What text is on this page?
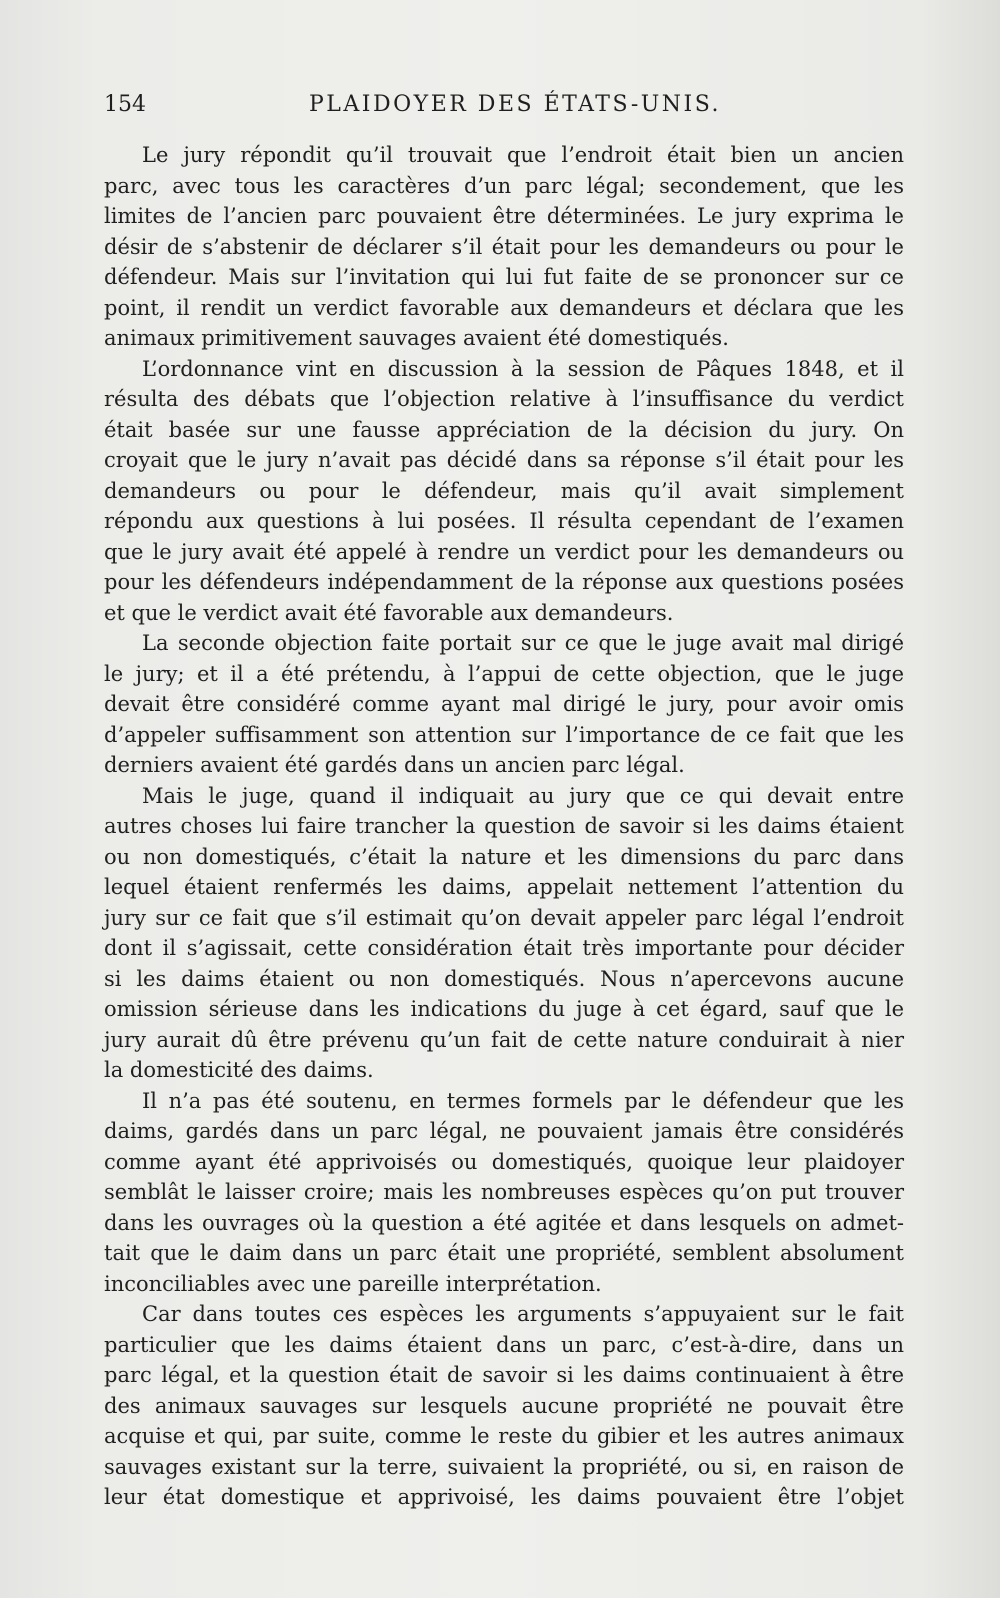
154	PLAIDOYER DES ÉTATS-UNIS.

Le jury répondit qu’il trouvait que l’endroit était bien un ancien
parc, avec tous les caractères d’un parc légal; secondement, que les
limites de l’ancien parc pouvaient être déterminées. Le jury exprima le
désir de s’abstenir de déclarer s’il était pour les demandeurs ou pour le
défendeur. Mais sur l’invitation qui lui fut faite de se prononcer sur ce
point, il rendit un verdict favorable aux demandeurs et déclara que les
animaux primitivement sauvages avaient été domestiqués.

L’ordonnance vint en discussion à la session de Pâques 1848, et il
résulta des débats que l’objection relative à l’insuffisance du verdict
était basée sur une fausse appréciation de la décision du jury. On
croyait que le jury n’avait pas décidé dans sa réponse s’il était pour les
demandeurs ou pour le défendeur, mais qu’il avait simplement
répondu aux questions à lui posées. Il résulta cependant de l’examen
que le jury avait été appelé à rendre un verdict pour les demandeurs ou
pour les défendeurs indépendamment de la réponse aux questions posées
et que le verdict avait été favorable aux demandeurs.

La seconde objection faite portait sur ce que le juge avait mal dirigé
le jury; et il a été prétendu, à l’appui de cette objection, que le juge
devait être considéré comme ayant mal dirigé le jury, pour avoir omis
d’appeler suffisamment son attention sur l’importance de ce fait que les
derniers avaient été gardés dans un ancien parc légal.

Mais le juge, quand il indiquait au jury que ce qui devait entre
autres choses lui faire trancher la question de savoir si les daims étaient
ou non domestiqués, c’était la nature et les dimensions du parc dans
lequel étaient renfermés les daims, appelait nettement l’attention du
jury sur ce fait que s’il estimait qu’on devait appeler parc légal l’endroit
dont il s’agissait, cette considération était très importante pour décider
si les daims étaient ou non domestiqués. Nous n’apercevons aucune
omission sérieuse dans les indications du juge à cet égard, sauf que le
jury aurait dû être prévenu qu’un fait de cette nature conduirait à nier
la domesticité des daims.

Il n’a pas été soutenu, en termes formels par le défendeur que les
daims, gardés dans un parc légal, ne pouvaient jamais être considérés
comme ayant été apprivoisés ou domestiqués, quoique leur plaidoyer
semblât le laisser croire; mais les nombreuses espèces qu’on put trouver
dans les ouvrages où la question a été agitée et dans lesquels on admet-
tait que le daim dans un parc était une propriété, semblent absolument
inconciliables avec une pareille interprétation.

Car dans toutes ces espèces les arguments s’appuyaient sur le fait
particulier que les daims étaient dans un parc, c’est-à-dire, dans un
parc légal, et la question était de savoir si les daims continuaient à être
des animaux sauvages sur lesquels aucune propriété ne pouvait être
acquise et qui, par suite, comme le reste du gibier et les autres animaux
sauvages existant sur la terre, suivaient la propriété, ou si, en raison de
leur état domestique et apprivoisé, les daims pouvaient être l’objet
